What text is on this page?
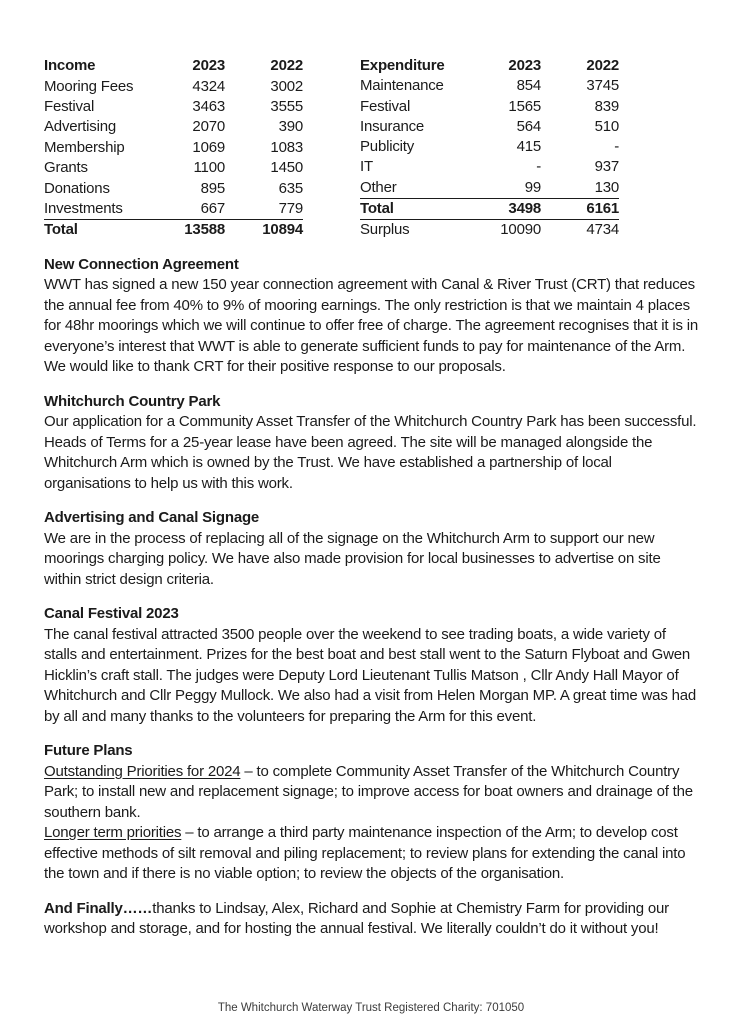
Income	2023	2022
Mooring Fees	4324	3002
Festival	3463	3555
Advertising	2070	390
Membership	1069	1083
Grants	1100	1450
Donations	895	635
Investments	667	779
Total	13588	10894
Expenditure	2023	2022
Maintenance	854	3745
Festival	1565	839
Insurance	564	510
Publicity	415	-
IT	-	937
Other	99	130
Total	3498	6161
Surplus	10090	4734
New Connection Agreement

WWT has signed a new 150 year connection agreement with Canal & River Trust (CRT) that reduces the annual fee from 40% to 9% of mooring earnings. The only restriction is that we maintain 4 places for 48hr moorings which we will continue to offer free of charge. The agreement recognises that it is in everyone’s interest that WWT is able to generate sufficient funds to pay for maintenance of the Arm. We would like to thank CRT for their positive response to our proposals.

Whitchurch Country Park

Our application for a Community Asset Transfer of the Whitchurch Country Park has been successful. Heads of Terms for a 25-year lease have been agreed. The site will be managed alongside the Whitchurch Arm which is owned by the Trust. We have established a partnership of local organisations to help us with this work.

Advertising and Canal Signage

We are in the process of replacing all of the signage on the Whitchurch Arm to support our new moorings charging policy. We have also made provision for local businesses to advertise on site within strict design criteria.

Canal Festival 2023

The canal festival attracted 3500 people over the weekend to see trading boats, a wide variety of stalls and entertainment. Prizes for the best boat and best stall went to the Saturn Flyboat and Gwen Hicklin’s craft stall. The judges were Deputy Lord Lieutenant Tullis Matson , Cllr Andy Hall Mayor of Whitchurch and Cllr Peggy Mullock. We also had a visit from Helen Morgan MP. A great time was had by all and many thanks to the volunteers for preparing the Arm for this event.

Future Plans

Outstanding Priorities for 2024 – to complete Community Asset Transfer of the Whitchurch Country Park; to install new and replacement signage; to improve access for boat owners and drainage of the southern bank.

Longer term priorities – to arrange a third party maintenance inspection of the Arm; to develop cost effective methods of silt removal and piling replacement; to review plans for extending the canal into the town and if there is no viable option; to review the objects of the organisation.

And Finally……thanks to Lindsay, Alex, Richard and Sophie at Chemistry Farm for providing our workshop and storage, and for hosting the annual festival. We literally couldn’t do it without you!

The Whitchurch Waterway Trust Registered Charity: 701050
